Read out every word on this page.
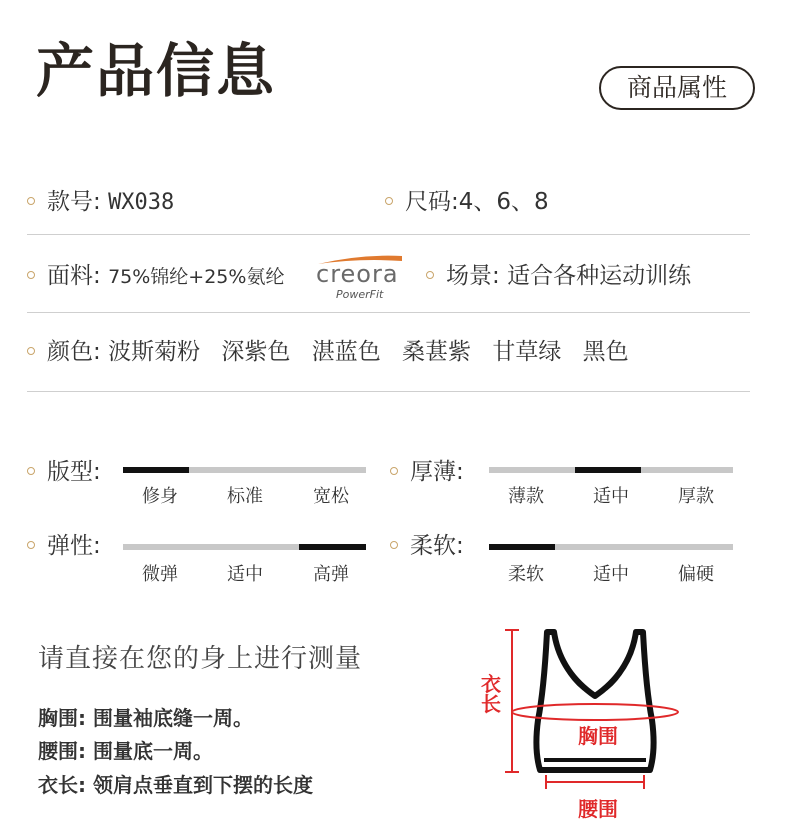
产品信息	商品属性
款号: WX038	尺码:4、6、8
面料: 75%锦纶+25%氨纶 creora
PowerFit
场景: 适合各种运动训练
颜色: 波斯菊粉 深紫色 湛蓝色 桑葚紫 甘草绿 黑色
版型:
修身	标准	宽松
厚薄:
薄款	适中	厚款
弹性:
微弹	适中	高弹
柔软:
柔软	适中	偏硬
请直接在您的身上进行测量
胸围: 围量袖底缝一周。
腰围: 围量底一周。
衣长: 领肩点垂直到下摆的长度
衣长
胸围
腰围
